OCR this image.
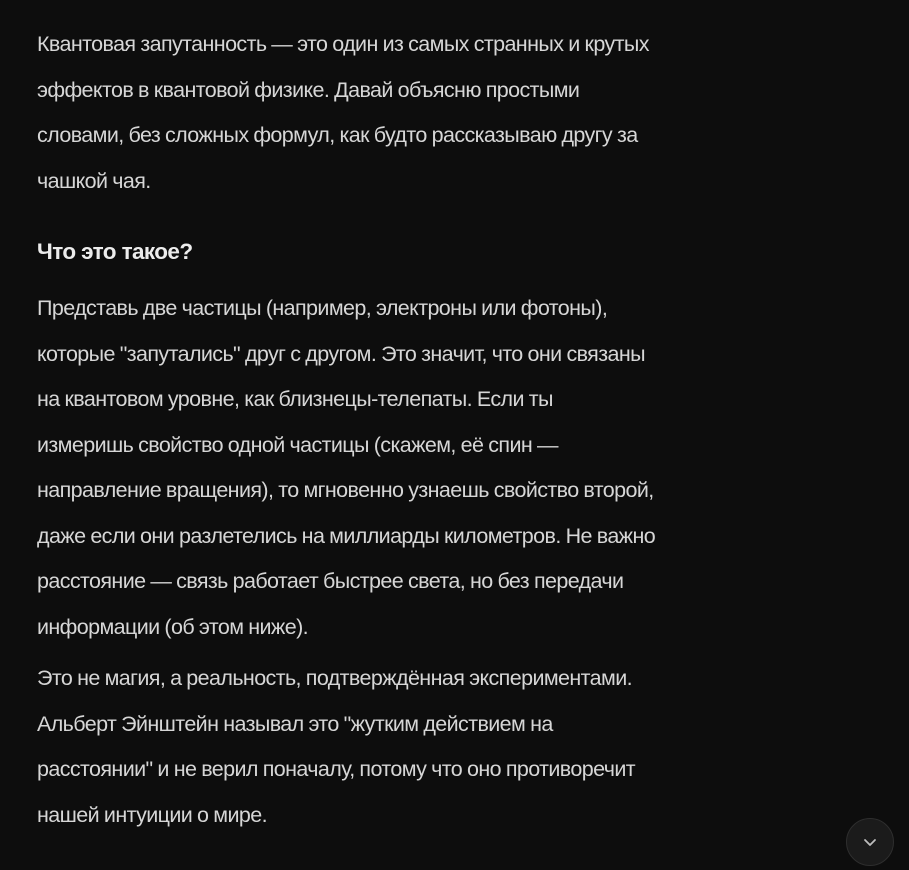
Квантовая запутанность — это один из самых странных и крутых
эффектов в квантовой физике. Давай объясню простыми
словами, без сложных формул, как будто рассказываю другу за
чашкой чая.

Что это такое?

Представь две частицы (например, электроны или фотоны),
которые "запутались" друг с другом. Это значит, что они связаны
на квантовом уровне, как близнецы-телепаты. Если ты
измеришь свойство одной частицы (скажем, её спин —
направление вращения), то мгновенно узнаешь свойство второй,
даже если они разлетелись на миллиарды километров. Не важно
расстояние — связь работает быстрее света, но без передачи
информации (об этом ниже).

Это не магия, а реальность, подтверждённая экспериментами.
Альберт Эйнштейн называл это "жутким действием на
расстоянии" и не верил поначалу, потому что оно противоречит
нашей интуиции о мире.
